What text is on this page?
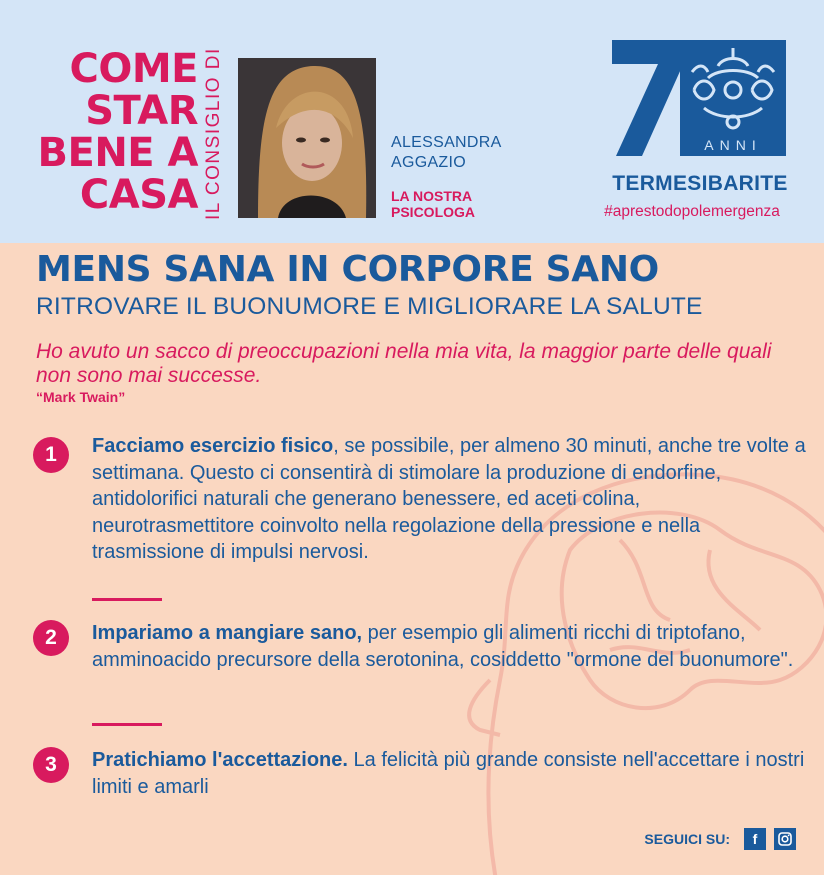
COME
STAR
BENE A
CASA IL CONSIGLIO DI	ALESSANDRA
AGGAZIO
LA NOSTRA
PSICOLOGA
ANNI
TERMESIBARITE
#aprestodopolemergenza
MENS SANA IN CORPORE SANO
RITROVARE IL BUONUMORE E MIGLIORARE LA SALUTE
Ho avuto un sacco di preoccupazioni nella mia vita, la maggior parte delle quali non sono mai successe.
“Mark Twain”
1	Facciamo esercizio fisico, se possibile, per almeno 30 minuti, anche tre volte a settimana. Questo ci consentirà di stimolare la produzione di endorfine, antidolorifici naturali che generano benessere, ed aceti colina, neurotrasmettitore coinvolto nella regolazione della pressione e nella trasmissione di impulsi nervosi.
2	Impariamo a mangiare sano, per esempio gli alimenti ricchi di triptofano, amminoacido precursore della serotonina, cosiddetto "ormone del buonumore".
3	Pratichiamo l'accettazione. La felicità più grande consiste nell'accettare i nostri limiti e amarli
SEGUICI SU:	f
